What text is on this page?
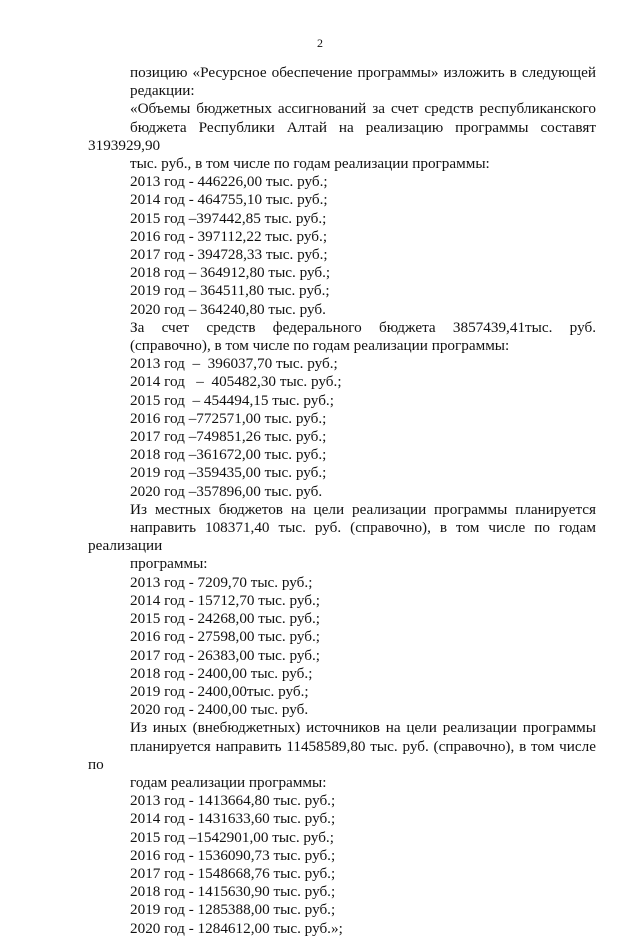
2
позицию «Ресурсное обеспечение программы» изложить в следующей
редакции:
«Объемы бюджетных ассигнований за счет средств республиканского
бюджета Республики Алтай на реализацию программы составят 3193929,90
тыс. руб., в том числе по годам реализации программы:
2013 год - 446226,00 тыс. руб.;
2014 год - 464755,10 тыс. руб.;
2015 год –397442,85 тыс. руб.;
2016 год - 397112,22 тыс. руб.;
2017 год - 394728,33 тыс. руб.;
2018 год – 364912,80 тыс. руб.;
2019 год – 364511,80 тыс. руб.;
2020 год – 364240,80 тыс. руб.
За счет средств федерального бюджета 3857439,41тыс. руб.
(справочно), в том числе по годам реализации программы:
2013 год  –  396037,70 тыс. руб.;
2014 год   –  405482,30 тыс. руб.;
2015 год  – 454494,15 тыс. руб.;
2016 год –772571,00 тыс. руб.;
2017 год –749851,26 тыс. руб.;
2018 год –361672,00 тыс. руб.;
2019 год –359435,00 тыс. руб.;
2020 год –357896,00 тыс. руб.
Из местных бюджетов на цели реализации программы планируется
направить 108371,40 тыс. руб. (справочно), в том числе по годам реализации
программы:
2013 год - 7209,70 тыс. руб.;
2014 год - 15712,70 тыс. руб.;
2015 год - 24268,00 тыс. руб.;
2016 год - 27598,00 тыс. руб.;
2017 год - 26383,00 тыс. руб.;
2018 год - 2400,00 тыс. руб.;
2019 год - 2400,00тыс. руб.;
2020 год - 2400,00 тыс. руб.
Из иных (внебюджетных) источников на цели реализации программы
планируется направить 11458589,80 тыс. руб. (справочно), в том числе по
годам реализации программы:
2013 год - 1413664,80 тыс. руб.;
2014 год - 1431633,60 тыс. руб.;
2015 год –1542901,00 тыс. руб.;
2016 год - 1536090,73 тыс. руб.;
2017 год - 1548668,76 тыс. руб.;
2018 год - 1415630,90 тыс. руб.;
2019 год - 1285388,00 тыс. руб.;
2020 год - 1284612,00 тыс. руб.»;
